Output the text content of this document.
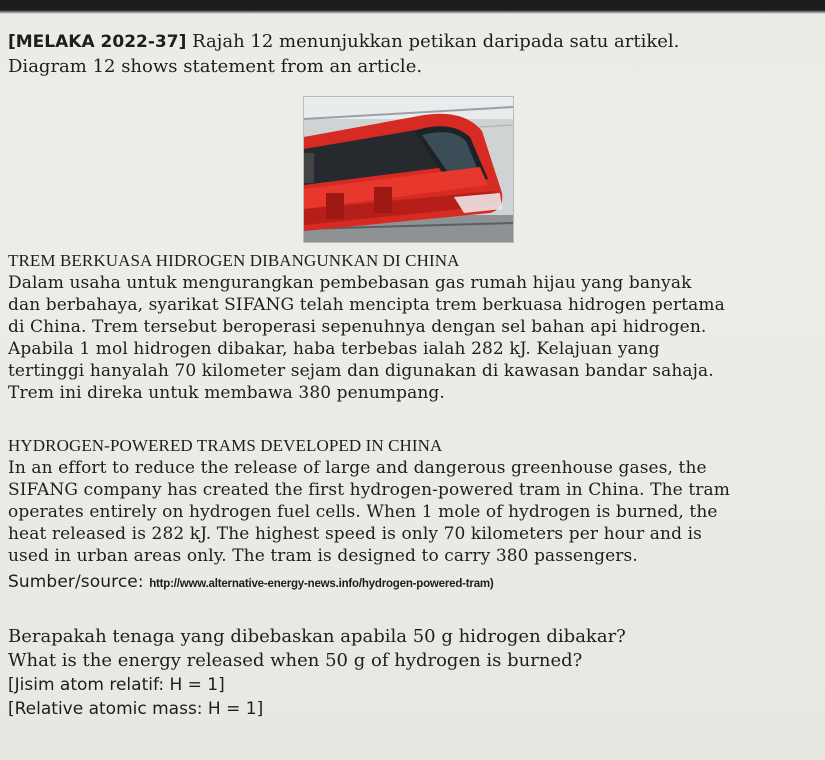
[MELAKA 2022-37] Rajah 12 menunjukkan petikan daripada satu artikel.
Diagram 12 shows statement from an article.
TREM BERKUASA HIDROGEN DIBANGUNKAN DI CHINA
Dalam usaha untuk mengurangkan pembebasan gas rumah hijau yang banyak
dan berbahaya, syarikat SIFANG telah mencipta trem berkuasa hidrogen pertama
di China. Trem tersebut beroperasi sepenuhnya dengan sel bahan api hidrogen.
Apabila 1 mol hidrogen dibakar, haba terbebas ialah 282 kJ. Kelajuan yang
tertinggi hanyalah 70 kilometer sejam dan digunakan di kawasan bandar sahaja.
Trem ini direka untuk membawa 380 penumpang.
HYDROGEN-POWERED TRAMS DEVELOPED IN CHINA
In an effort to reduce the release of large and dangerous greenhouse gases, the
SIFANG company has created the first hydrogen-powered tram in China. The tram
operates entirely on hydrogen fuel cells. When 1 mole of hydrogen is burned, the
heat released is 282 kJ. The highest speed is only 70 kilometers per hour and is
used in urban areas only. The tram is designed to carry 380 passengers.
Sumber/source: http://www.alternative-energy-news.info/hydrogen-powered-tram)
Berapakah tenaga yang dibebaskan apabila 50 g hidrogen dibakar?
What is the energy released when 50 g of hydrogen is burned?
[Jisim atom relatif: H = 1]
[Relative atomic mass: H = 1]
